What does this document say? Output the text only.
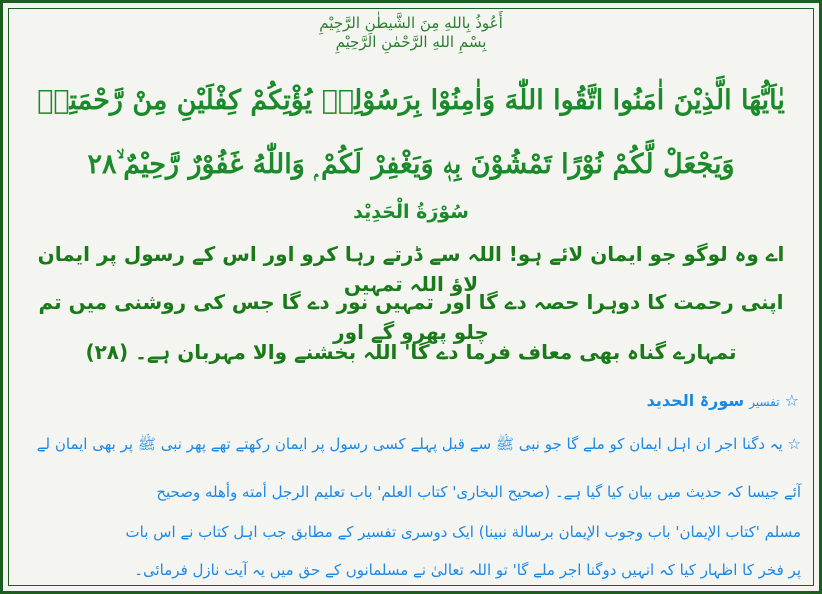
أَعُوذُ بِاللهِ مِنَ الشَّيطٰنِ الرَّجِيْمِ
بِسْمِ اللهِ الرَّحْمٰنِ الرَّحِيْمِ
يٰاَيُّهَا الَّذِيْنَ اٰمَنُوا اتَّقُوا اللّٰهَ وَاٰمِنُوْا بِرَسُوْلِهٖ يُؤْتِكُمْ كِفْلَيْنِ مِنْ رَّحْمَتِهٖ
وَيَجْعَلْ لَّكُمْ نُوْرًا تَمْشُوْنَ بِهٖ وَيَغْفِرْ لَكُمْ ۭ وَاللّٰهُ غَفُوْرٌ رَّحِيْمٌ ۙ٢٨
سُوْرَةُ الْحَدِيْد
اے وہ لوگو جو ایمان لائے ہو! اللہ سے ڈرتے رہا کرو اور اس کے رسول پر ایمان لاؤ اللہ تمہیں
اپنی رحمت کا دوہرا حصہ دے گا اور تمہیں نور دے گا جس کی روشنی میں تم چلو پھرو گے اور
تمہارے گناہ بھی معاف فرما دے گا' اللہ بخشنے والا مہربان ہے۔ (۲۸)
☆ تفسیر سورۃ الحدید
☆ یہ دگنا اجر ان اہل ایمان کو ملے گا جو نبی ﷺ سے قبل پہلے کسی رسول پر ایمان رکھتے تھے پھر نبی ﷺ پر بھی ایمان لے
آئے جیسا کہ حدیث میں بیان کیا گیا ہے۔ (صحیح البخاری' کتاب العلم' باب تعلیم الرجل أمته وأهله وصحیح
مسلم 'کتاب الإیمان' باب وجوب الإیمان برسالة نبینا) ایک دوسری تفسیر کے مطابق جب اہل کتاب نے اس بات
پر فخر کا اظہار کیا کہ انہیں دوگنا اجر ملے گا' تو اللہ تعالیٰ نے مسلمانوں کے حق میں یہ آیت نازل فرمائی۔
